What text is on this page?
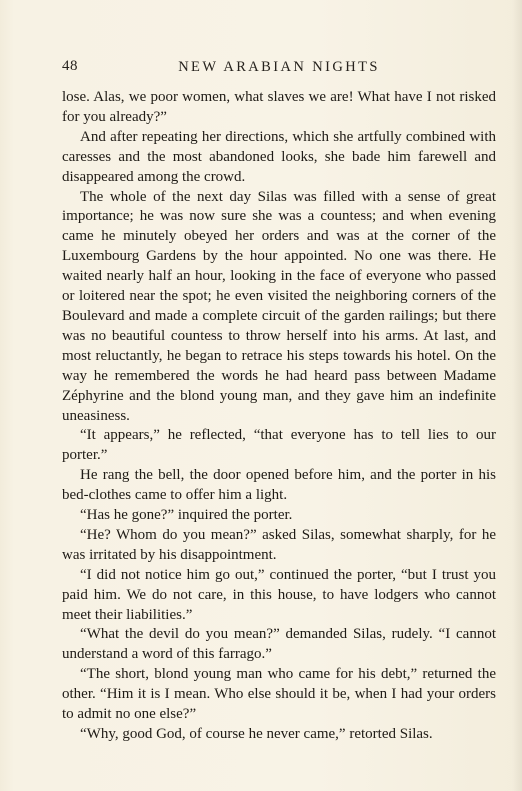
48	NEW ARABIAN NIGHTS

lose. Alas, we poor women, what slaves we are! What have I not risked for you already?”

And after repeating her directions, which she artfully combined with caresses and the most abandoned looks, she bade him farewell and disappeared among the crowd.

The whole of the next day Silas was filled with a sense of great importance; he was now sure she was a countess; and when evening came he minutely obeyed her orders and was at the corner of the Luxembourg Gardens by the hour appointed. No one was there. He waited nearly half an hour, looking in the face of everyone who passed or loitered near the spot; he even visited the neighboring corners of the Boulevard and made a complete circuit of the garden railings; but there was no beautiful countess to throw herself into his arms. At last, and most reluctantly, he began to retrace his steps towards his hotel. On the way he remembered the words he had heard pass between Madame Zéphyrine and the blond young man, and they gave him an indefinite uneasiness.

“It appears,” he reflected, “that everyone has to tell lies to our porter.”

He rang the bell, the door opened before him, and the porter in his bed-clothes came to offer him a light.

“Has he gone?” inquired the porter.

“He? Whom do you mean?” asked Silas, somewhat sharply, for he was irritated by his disappointment.

“I did not notice him go out,” continued the porter, “but I trust you paid him. We do not care, in this house, to have lodgers who cannot meet their liabilities.”

“What the devil do you mean?” demanded Silas, rudely. “I cannot understand a word of this farrago.”

“The short, blond young man who came for his debt,” returned the other. “Him it is I mean. Who else should it be, when I had your orders to admit no one else?”

“Why, good God, of course he never came,” retorted Silas.
